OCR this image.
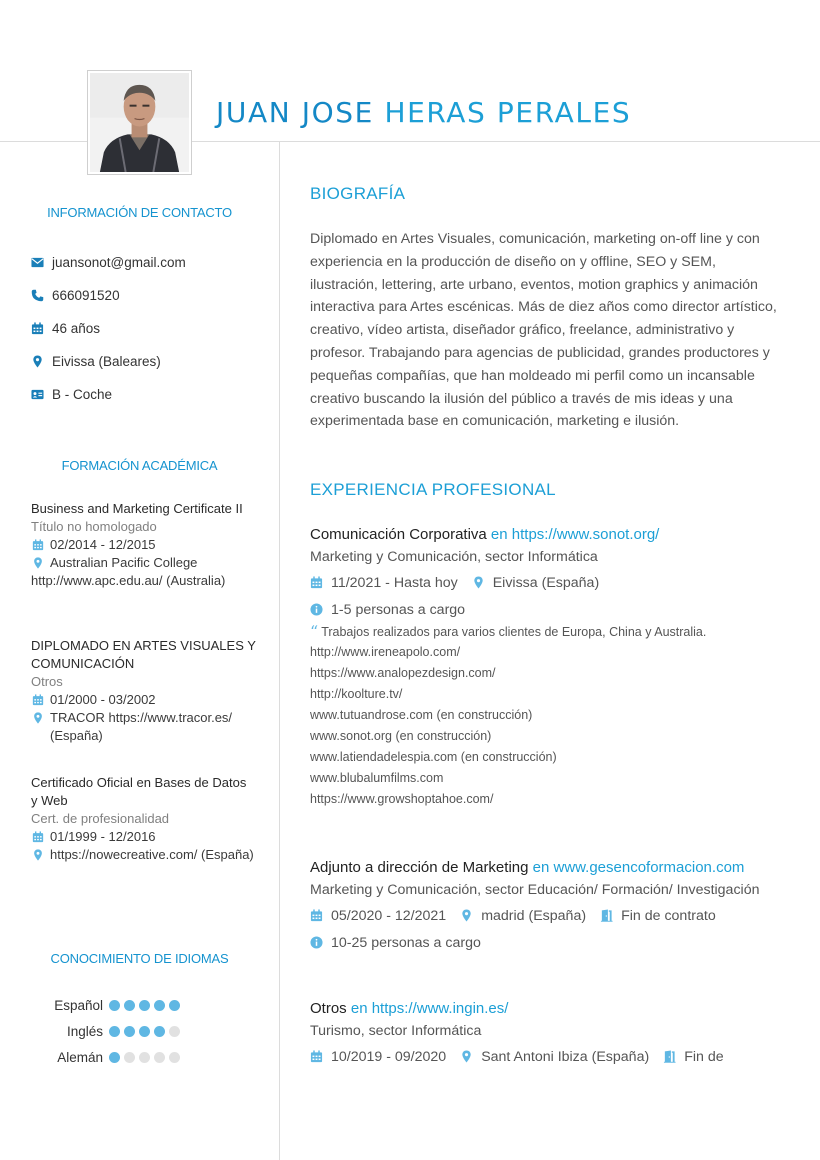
JUAN JOSE HERAS PERALES
INFORMACIÓN DE CONTACTO
juansonot@gmail.com
666091520
46 años
Eivissa (Baleares)
B - Coche
FORMACIÓN ACADÉMICA
Business and Marketing Certificate II
Título no homologado
02/2014 - 12/2015
Australian Pacific College
http://www.apc.edu.au/ (Australia)
DIPLOMADO EN ARTES VISUALES Y COMUNICACIÓN
Otros
01/2000 - 03/2002
TRACOR https://www.tracor.es/ (España)
Certificado Oficial en Bases de Datos y Web
Cert. de profesionalidad
01/1999 - 12/2016
https://nowecreative.com/ (España)
CONOCIMIENTO DE IDIOMAS
Español
Inglés
Alemán
BIOGRAFÍA
Diplomado en Artes Visuales, comunicación, marketing on-off line y con experiencia en la producción de diseño on y offline, SEO y SEM, ilustración, lettering, arte urbano, eventos, motion graphics y animación interactiva para Artes escénicas. Más de diez años como director artístico, creativo, vídeo artista, diseñador gráfico, freelance, administrativo y profesor. Trabajando para agencias de publicidad, grandes productores y pequeñas compañías, que han moldeado mi perfil como un incansable creativo buscando la ilusión del público a través de mis ideas y una experimentada base en comunicación, marketing e ilusión.
EXPERIENCIA PROFESIONAL
Comunicación Corporativa en https://www.sonot.org/
Marketing y Comunicación, sector Informática
11/2021 - Hasta hoy Eivissa (España)
1-5 personas a cargo
“ Trabajos realizados para varios clientes de Europa, China y Australia.
http://www.ireneapolo.com/
https://www.analopezdesign.com/
http://koolture.tv/
www.tutuandrose.com (en construcción)
www.sonot.org (en construcción)
www.latiendadelespia.com (en construcción)
www.blubalumfilms.com
https://www.growshoptahoe.com/
Adjunto a dirección de Marketing en www.gesencoformacion.com
Marketing y Comunicación, sector Educación/ Formación/ Investigación
05/2020 - 12/2021 madrid (España) Fin de contrato
10-25 personas a cargo
Otros en https://www.ingin.es/
Turismo, sector Informática
10/2019 - 09/2020 Sant Antoni Ibiza (España) Fin de
